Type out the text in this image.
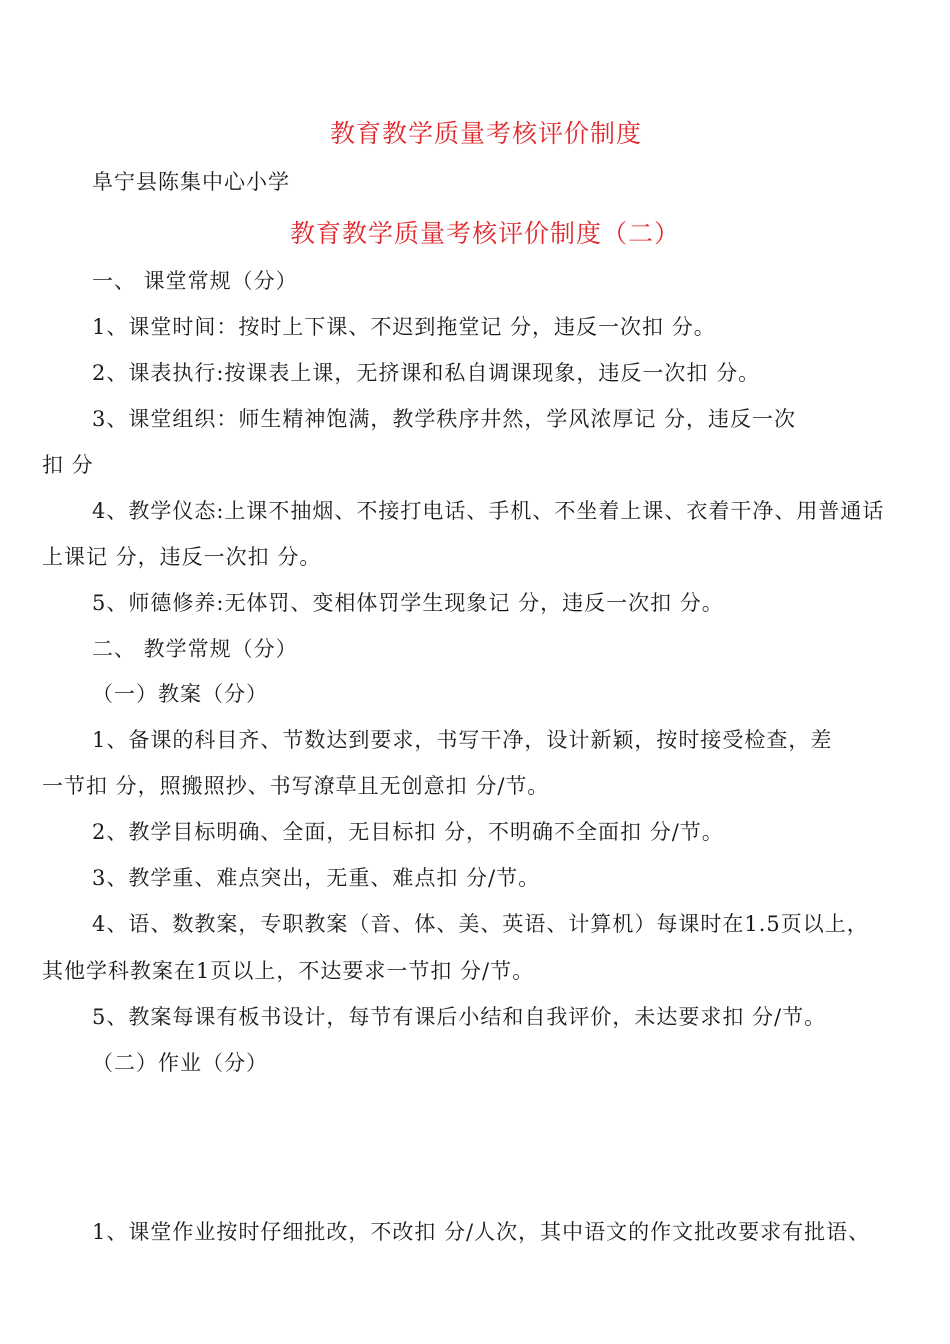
教育教学质量考核评价制度
阜宁县陈集中心小学
教育教学质量考核评价制度（二）
一、 课堂常规（分）
1、课堂时间：按时上下课、不迟到拖堂记 分，违反一次扣 分。
2、课表执行:按课表上课，无挤课和私自调课现象，违反一次扣 分。
3、课堂组织：师生精神饱满，教学秩序井然，学风浓厚记 分，违反一次
扣 分
4、教学仪态:上课不抽烟、不接打电话、手机、不坐着上课、衣着干净、用普通话
上课记 分，违反一次扣 分。
5、师德修养:无体罚、变相体罚学生现象记 分，违反一次扣 分。
二、 教学常规（分）
（一）教案（分）
1、备课的科目齐、节数达到要求，书写干净，设计新颖，按时接受检查，差
一节扣 分，照搬照抄、书写潦草且无创意扣 分/节。
2、教学目标明确、全面，无目标扣 分，不明确不全面扣 分/节。
3、教学重、难点突出，无重、难点扣 分/节。
4、语、数教案，专职教案（音、体、美、英语、计算机）每课时在1.5页以上，
其他学科教案在1页以上，不达要求一节扣 分/节。
5、教案每课有板书设计，每节有课后小结和自我评价，未达要求扣 分/节。
（二）作业（分）
1、课堂作业按时仔细批改，不改扣 分/人次，其中语文的作文批改要求有批语、
